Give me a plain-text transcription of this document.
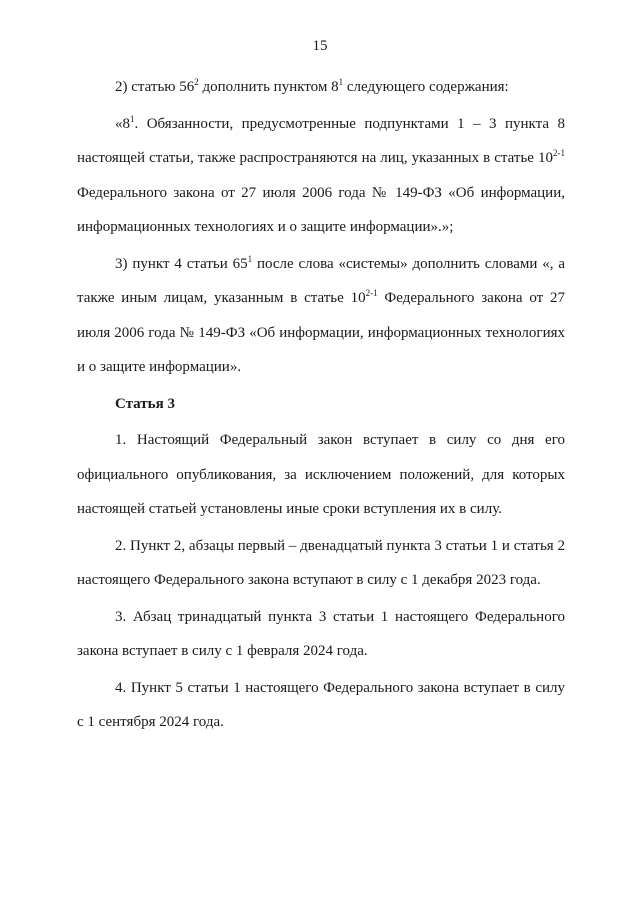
15

2) статью $56^2$ дополнить пунктом $8^1$ следующего содержания:

«$8^1$. Обязанности, предусмотренные подпунктами 1 – 3 пункта 8 настоящей статьи, также распространяются на лиц, указанных в статье 10$^{2-1}$ Федерального закона от 27 июля 2006 года № 149-ФЗ «Об информации, информационных технологиях и о защите информации».»;

3) пункт 4 статьи $65^1$ после слова «системы» дополнить словами «, а также иным лицам, указанным в статье 10$^{2-1}$ Федерального закона от 27 июля 2006 года № 149-ФЗ «Об информации, информационных технологиях и о защите информации».

Статья 3

1. Настоящий Федеральный закон вступает в силу со дня его официального опубликования, за исключением положений, для которых настоящей статьей установлены иные сроки вступления их в силу.

2. Пункт 2, абзацы первый – двенадцатый пункта 3 статьи 1 и статья 2 настоящего Федерального закона вступают в силу с 1 декабря 2023 года.

3. Абзац тринадцатый пункта 3 статьи 1 настоящего Федерального закона вступает в силу с 1 февраля 2024 года.

4. Пункт 5 статьи 1 настоящего Федерального закона вступает в силу с 1 сентября 2024 года.
